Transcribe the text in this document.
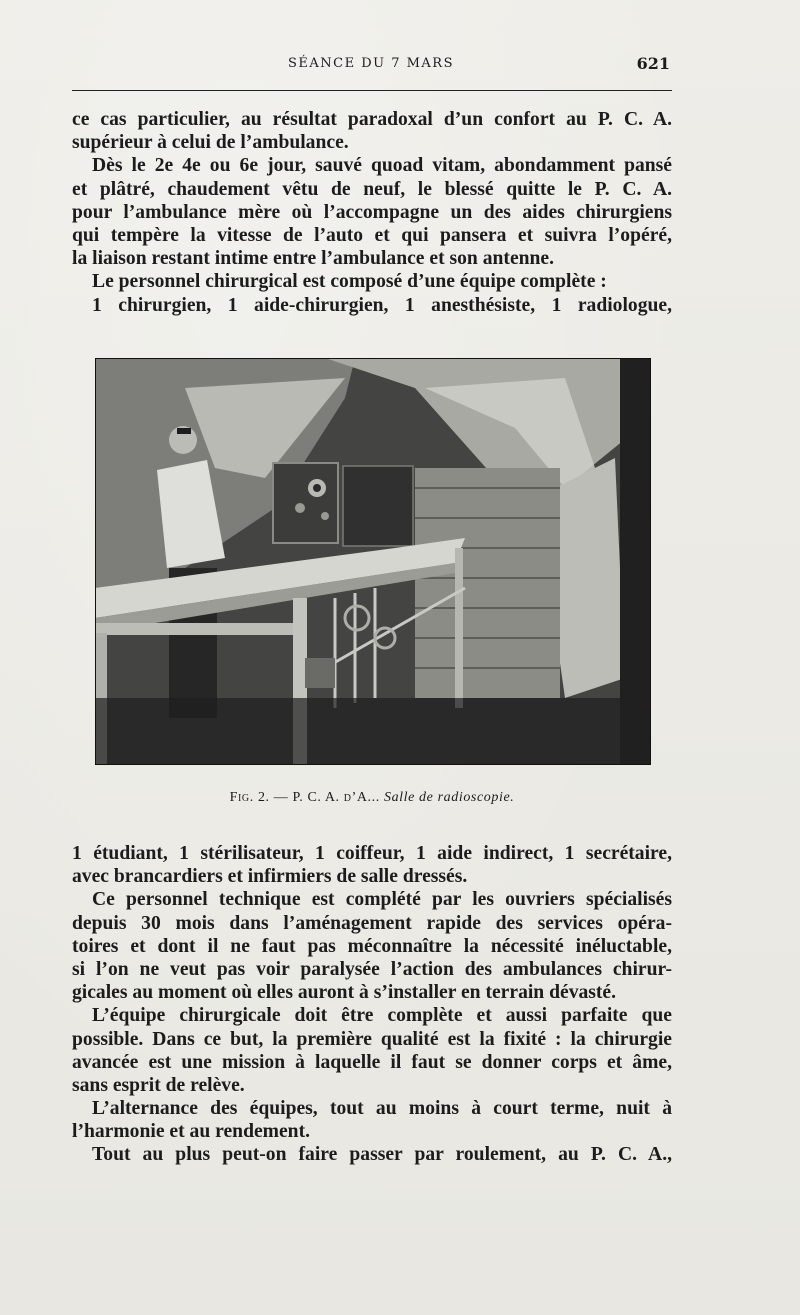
SÉANCE DU 7 MARS	621
ce cas particulier, au résultat paradoxal d’un confort au P. C. A.
supérieur à celui de l’ambulance.
Dès le 2e 4e ou 6e jour, sauvé quoad vitam, abondamment pansé
et plâtré, chaudement vêtu de neuf, le blessé quitte le P. C. A.
pour l’ambulance mère où l’accompagne un des aides chirurgiens
qui tempère la vitesse de l’auto et qui pansera et suivra l’opéré,
la liaison restant intime entre l’ambulance et son antenne.
Le personnel chirurgical est composé d’une équipe complète :
1 chirurgien, 1 aide-chirurgien, 1 anesthésiste, 1 radiologue,
Fig. 2. — P. C. A. d’A... Salle de radioscopie.
1 étudiant, 1 stérilisateur, 1 coiffeur, 1 aide indirect, 1 secrétaire,
avec brancardiers et infirmiers de salle dressés.
Ce personnel technique est complété par les ouvriers spécialisés
depuis 30 mois dans l’aménagement rapide des services opéra-
toires et dont il ne faut pas méconnaître la nécessité inéluctable,
si l’on ne veut pas voir paralysée l’action des ambulances chirur-
gicales au moment où elles auront à s’installer en terrain dévasté.
L’équipe chirurgicale doit être complète et aussi parfaite que
possible. Dans ce but, la première qualité est la fixité : la chirurgie
avancée est une mission à laquelle il faut se donner corps et âme,
sans esprit de relève.
L’alternance des équipes, tout au moins à court terme, nuit à
l’harmonie et au rendement.
Tout au plus peut-on faire passer par roulement, au P. C. A.,
